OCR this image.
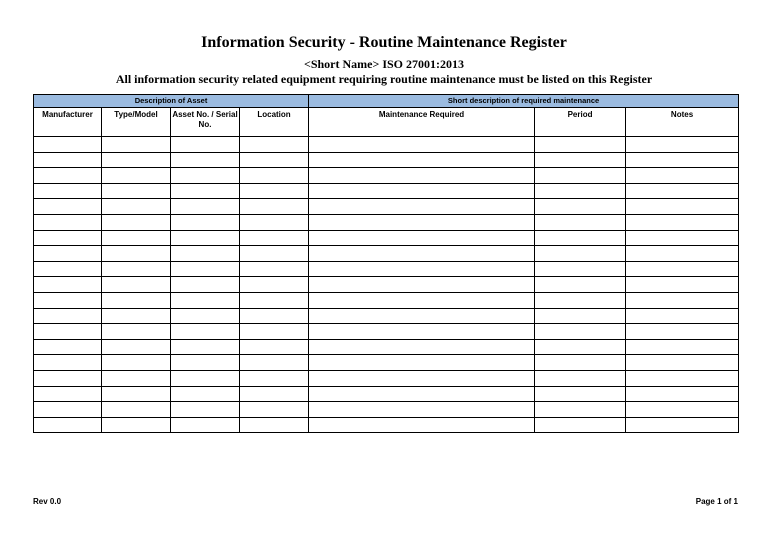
Information Security - Routine Maintenance Register
<Short Name> ISO 27001:2013
All information security related equipment requiring routine maintenance must be listed on this Register
Description of Asset				Short description of required maintenance		
Manufacturer	Type/Model	Asset No. / Serial No.	Location	Maintenance Required	Period	Notes

Rev 0.0	Page 1 of 1
